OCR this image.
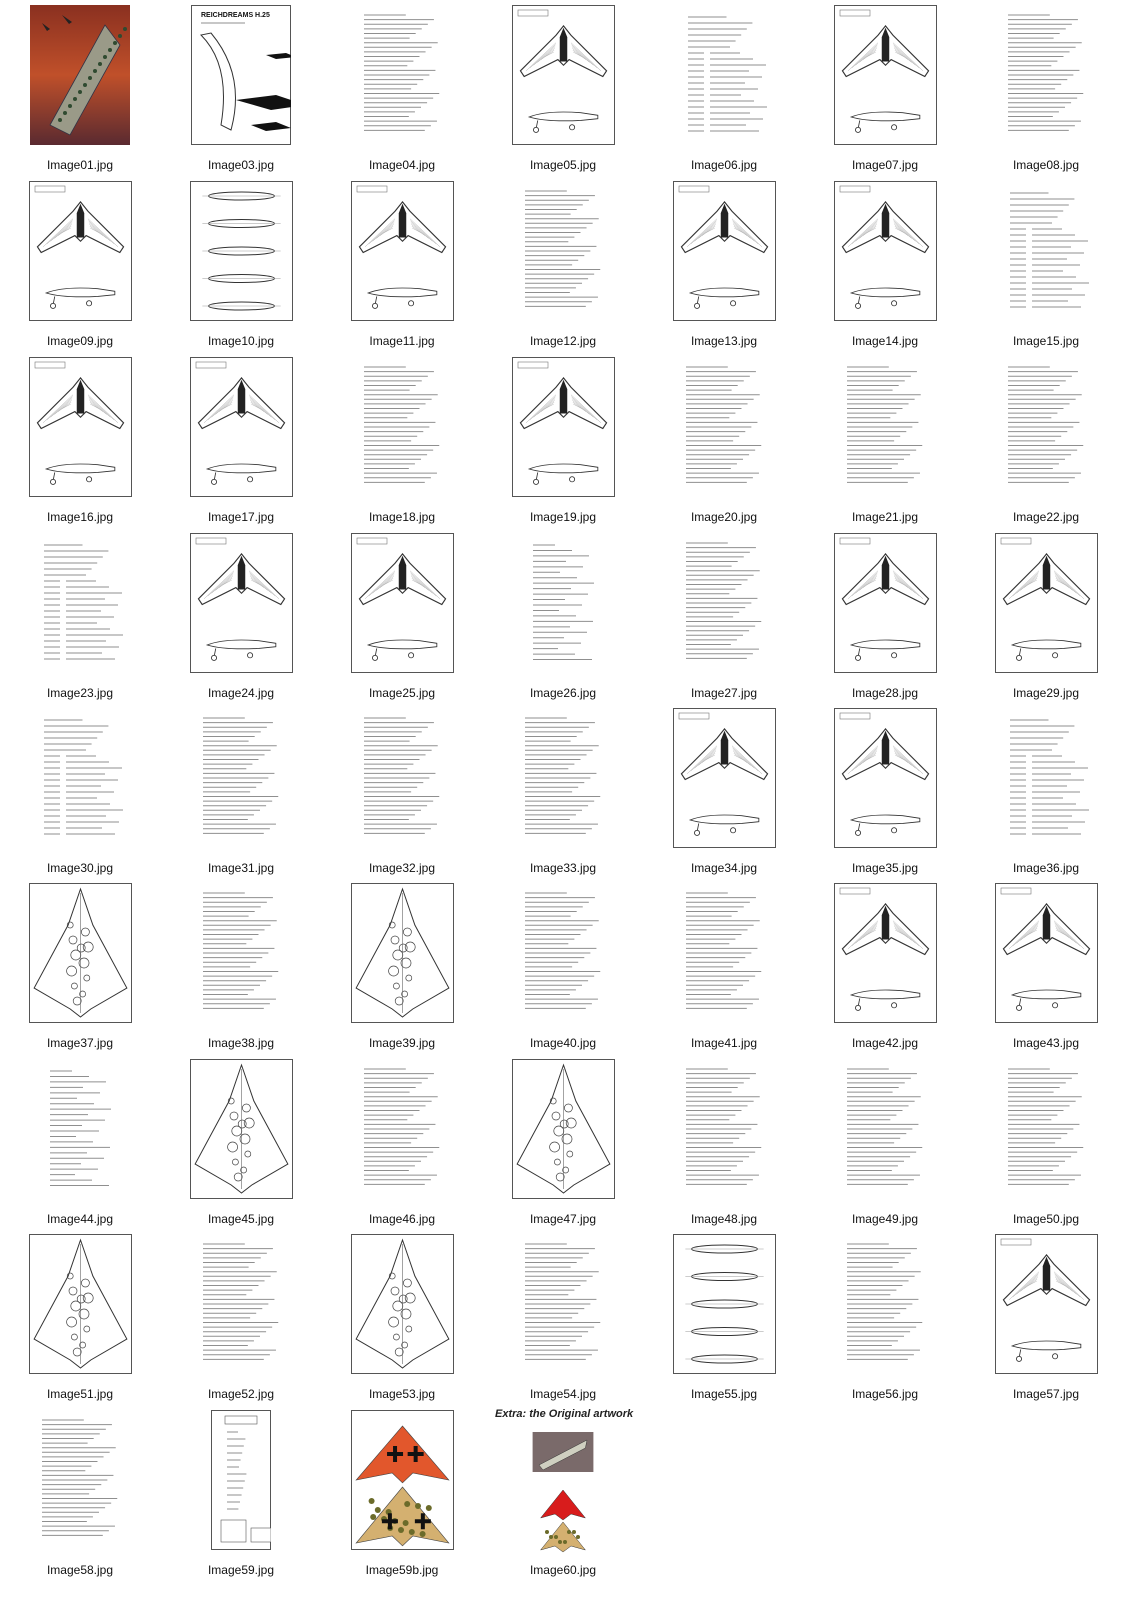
Image01.jpg
REICHDREAMS H.25
Image03.jpg	Image04.jpg	Image05.jpg	Image06.jpg	Image07.jpg	Image08.jpg
Image09.jpg	Image10.jpg	Image11.jpg	Image12.jpg	Image13.jpg	Image14.jpg	Image15.jpg
Image16.jpg	Image17.jpg	Image18.jpg	Image19.jpg	Image20.jpg	Image21.jpg	Image22.jpg
Image23.jpg	Image24.jpg	Image25.jpg	Image26.jpg	Image27.jpg	Image28.jpg	Image29.jpg
Image30.jpg	Image31.jpg	Image32.jpg	Image33.jpg	Image34.jpg	Image35.jpg	Image36.jpg
Image37.jpg	Image38.jpg	Image39.jpg	Image40.jpg	Image41.jpg	Image42.jpg	Image43.jpg
Image44.jpg	Image45.jpg	Image46.jpg	Image47.jpg	Image48.jpg	Image49.jpg	Image50.jpg
Image51.jpg	Image52.jpg	Image53.jpg	Image54.jpg	Image55.jpg	Image56.jpg	Image57.jpg
Image58.jpg	Image59.jpg	Image59b.jpg
Extra: the Original artwork
Image60.jpg
